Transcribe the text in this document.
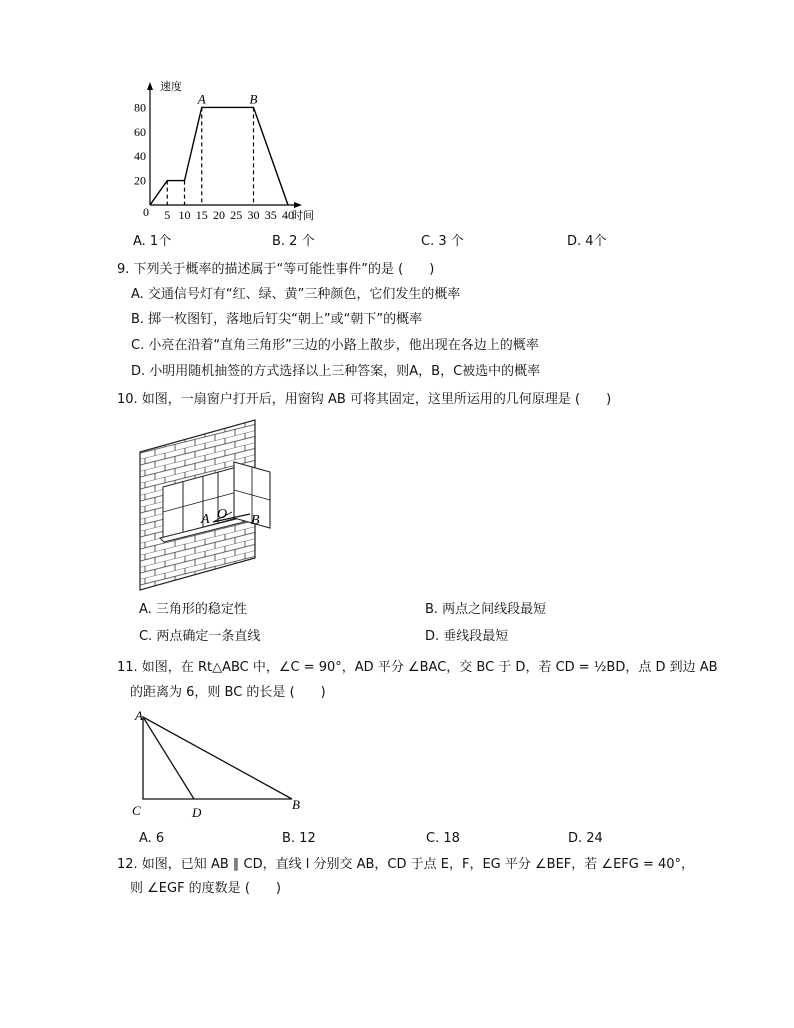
速度
时间
0 5 10 15 20 25 30 35 40
20
40
60
80
A	B
A. 1个	B. 2 个	C. 3 个	D. 4个
9. 下列关于概率的描述属于“等可能性事件”的是 (　　)
A. 交通信号灯有“红、绿、黄”三种颜色，它们发生的概率
B. 掷一枚图钉，落地后钉尖“朝上”或“朝下”的概率
C. 小亮在沿着“直角三角形”三边的小路上散步，他出现在各边上的概率
D. 小明用随机抽签的方式选择以上三种答案，则A，B，C被选中的概率
10. 如图，一扇窗户打开后，用窗钩 AB 可将其固定，这里所运用的几何原理是 (　　)
A O B
A. 三角形的稳定性	B. 两点之间线段最短
C. 两点确定一条直线	D. 垂线段最短
11. 如图，在 Rt△ABC 中，∠C = 90°，AD 平分 ∠BAC，交 BC 于 D，若 CD = ½BD，点 D 到边 AB
的距离为 6，则 BC 的长是 (　　)
A
C	D
B
A. 6	B. 12	C. 18	D. 24
12. 如图，已知 AB ∥ CD，直线 l 分别交 AB，CD 于点 E，F，EG 平分 ∠BEF，若 ∠EFG = 40°，
则 ∠EGF 的度数是 (　　)
